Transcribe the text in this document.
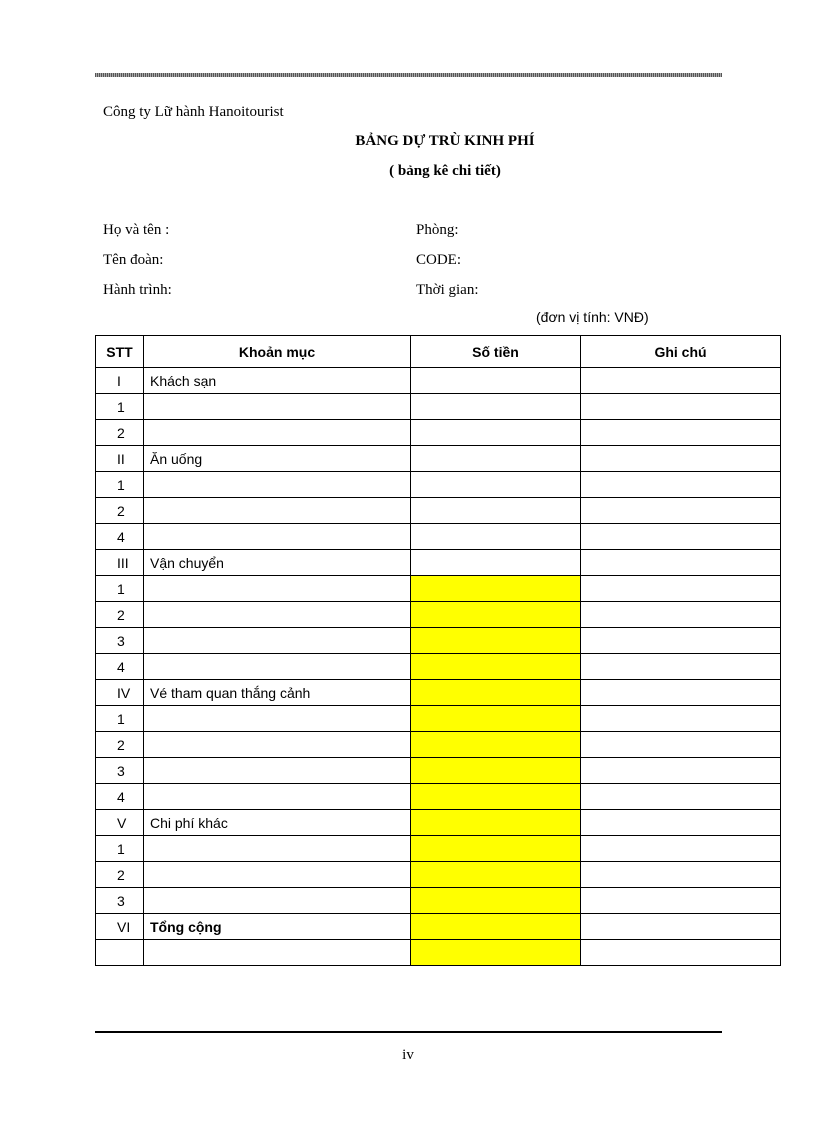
Công ty Lữ hành Hanoitourist
BẢNG DỰ TRÙ KINH PHÍ
( bảng kê chi tiết)
Họ và tên :	Phòng:
Tên đoàn:	CODE:
Hành trình:	Thời gian:
(đơn vị tính: VNĐ)
STT	Khoản mục	Số tiền	Ghi chú
I	Khách sạn		
1			
2			
II	Ăn uống		
1			
2			
4			
III	Vận chuyển		
1			
2			
3			
4			
IV	Vé tham quan thắng cảnh		
1			
2			
3			
4			
V	Chi phí khác		
1			
2			
3			
VI	Tổng cộng		

iv
